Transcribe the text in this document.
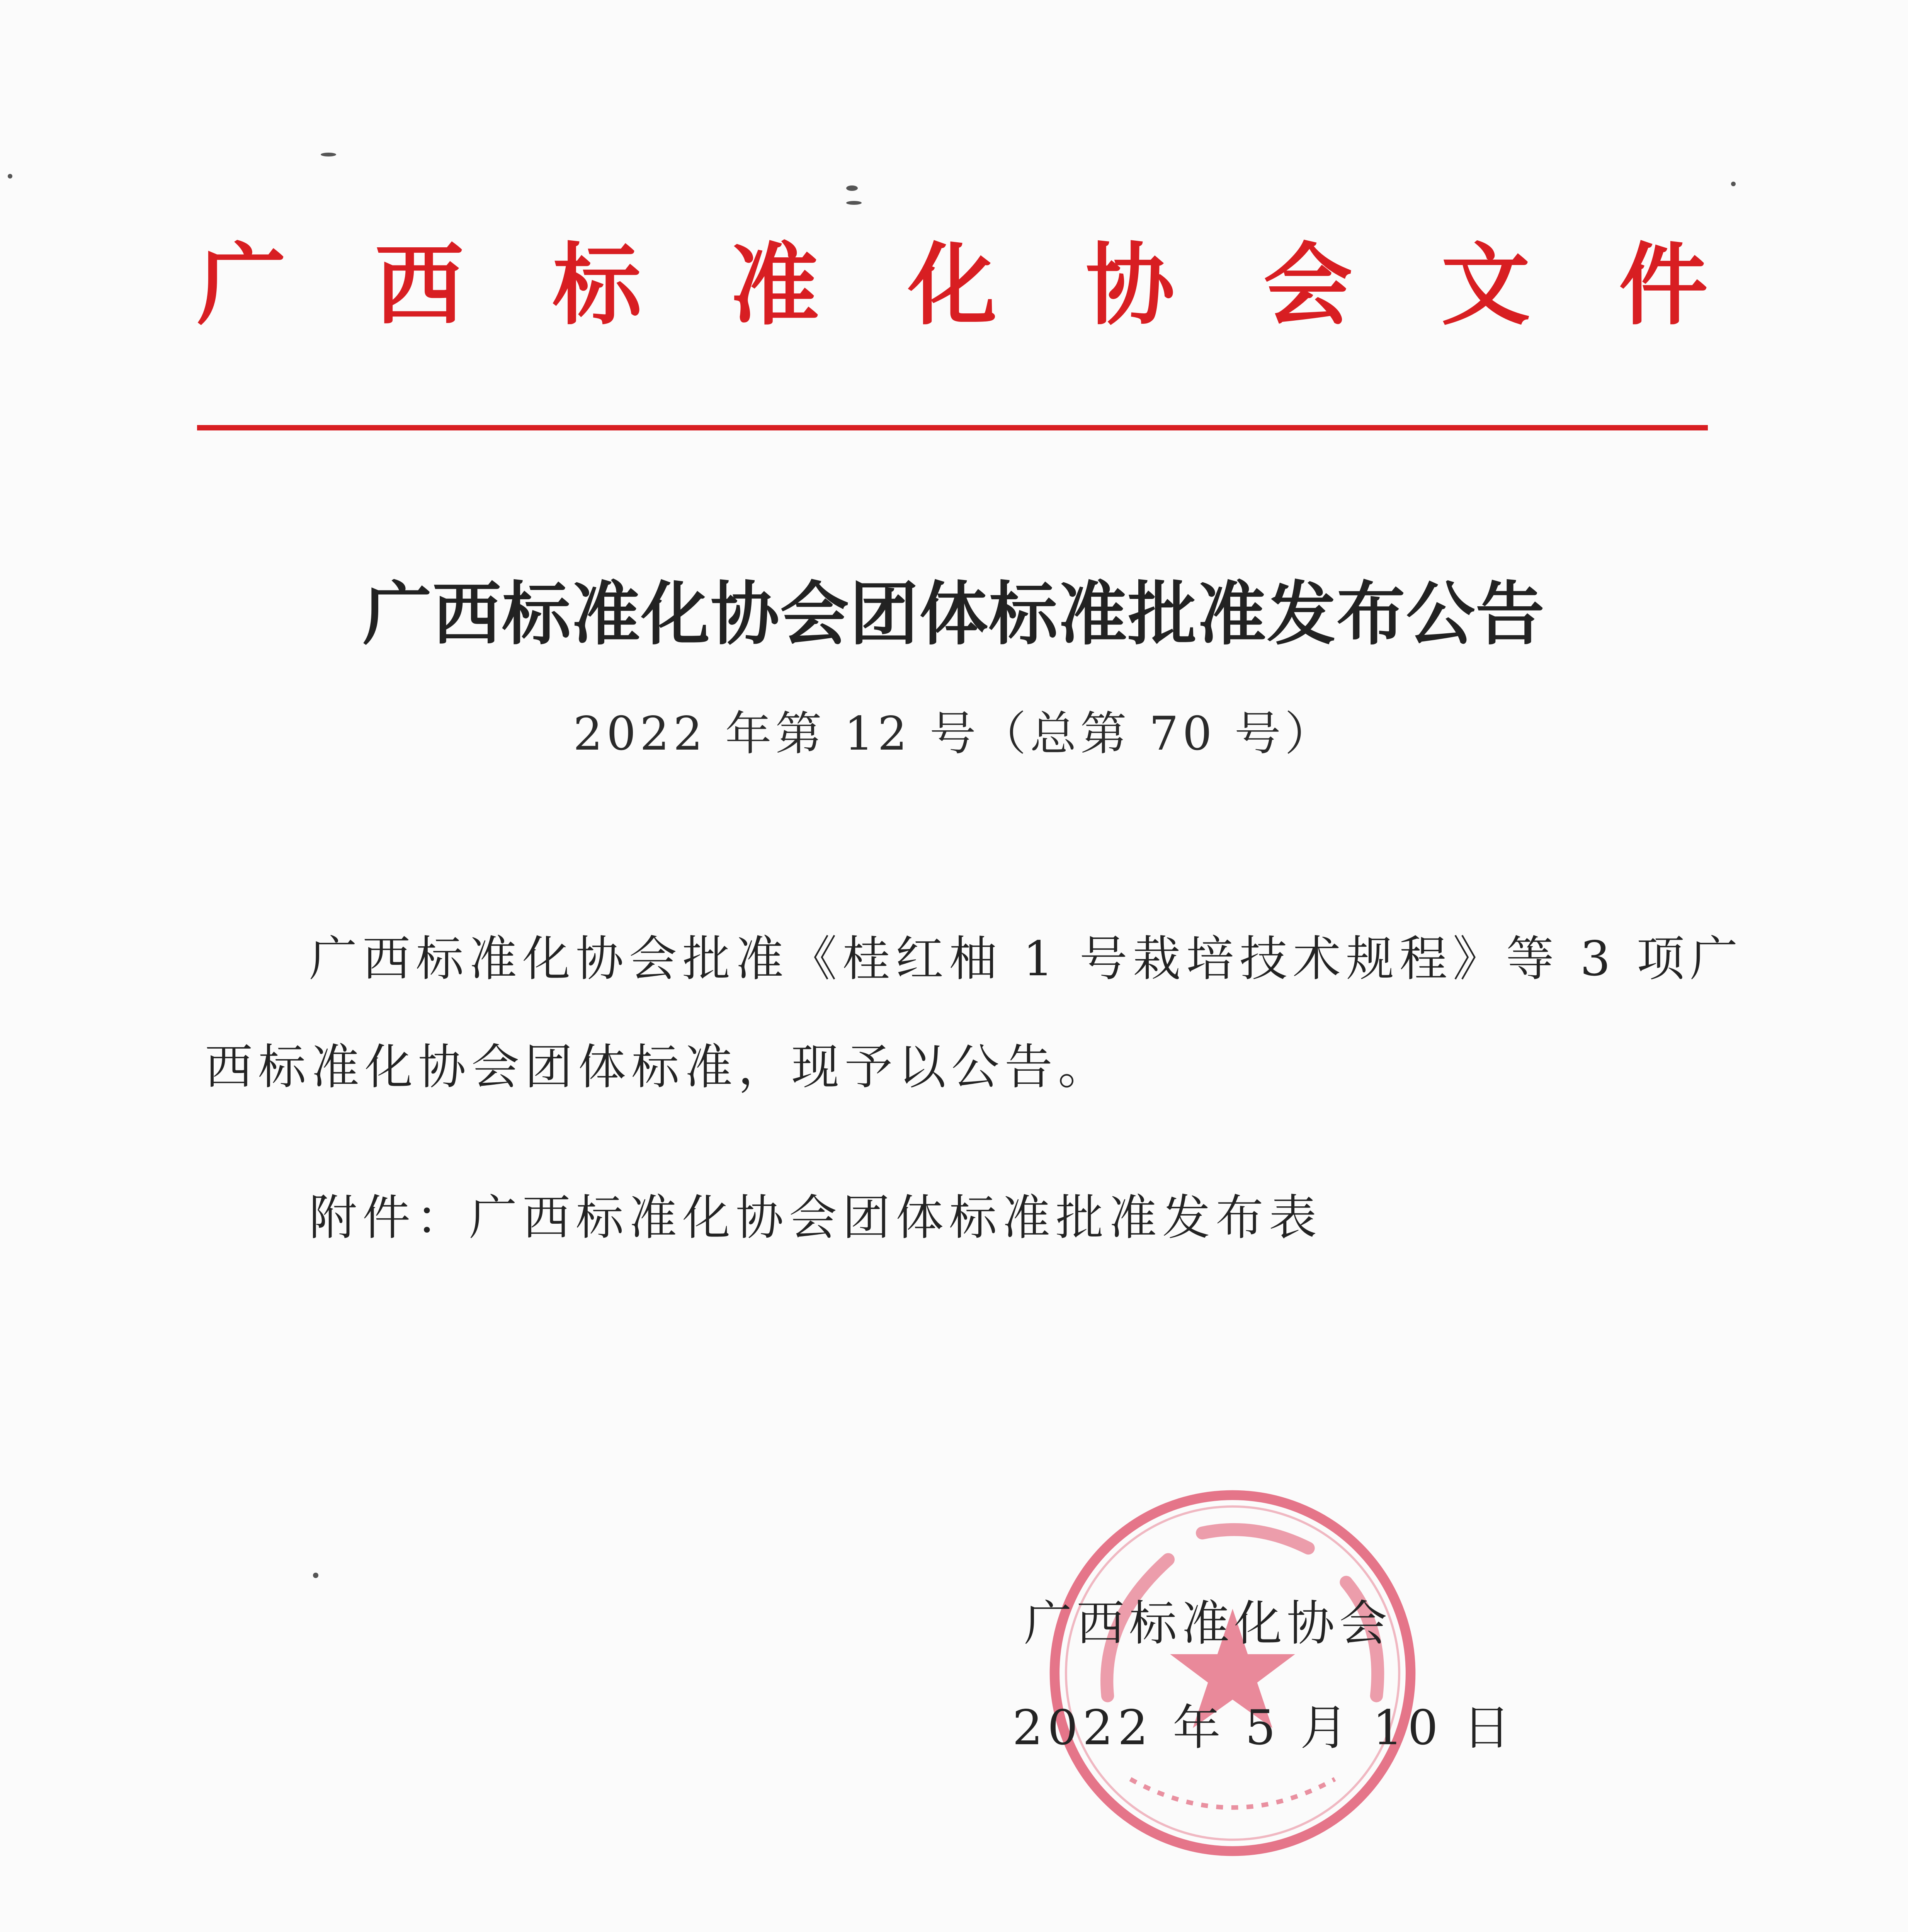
广 西 标 准 化 协 会 文 件
广西标准化协会团体标准批准发布公告
2022 年第 12 号（总第 70 号）
广西标准化协会批准《桂红柚 1 号栽培技术规程》等 3 项广
西标准化协会团体标准，现予以公告。
附件：广西标准化协会团体标准批准发布表
广西标准化协会
2022 年 5 月 10 日
